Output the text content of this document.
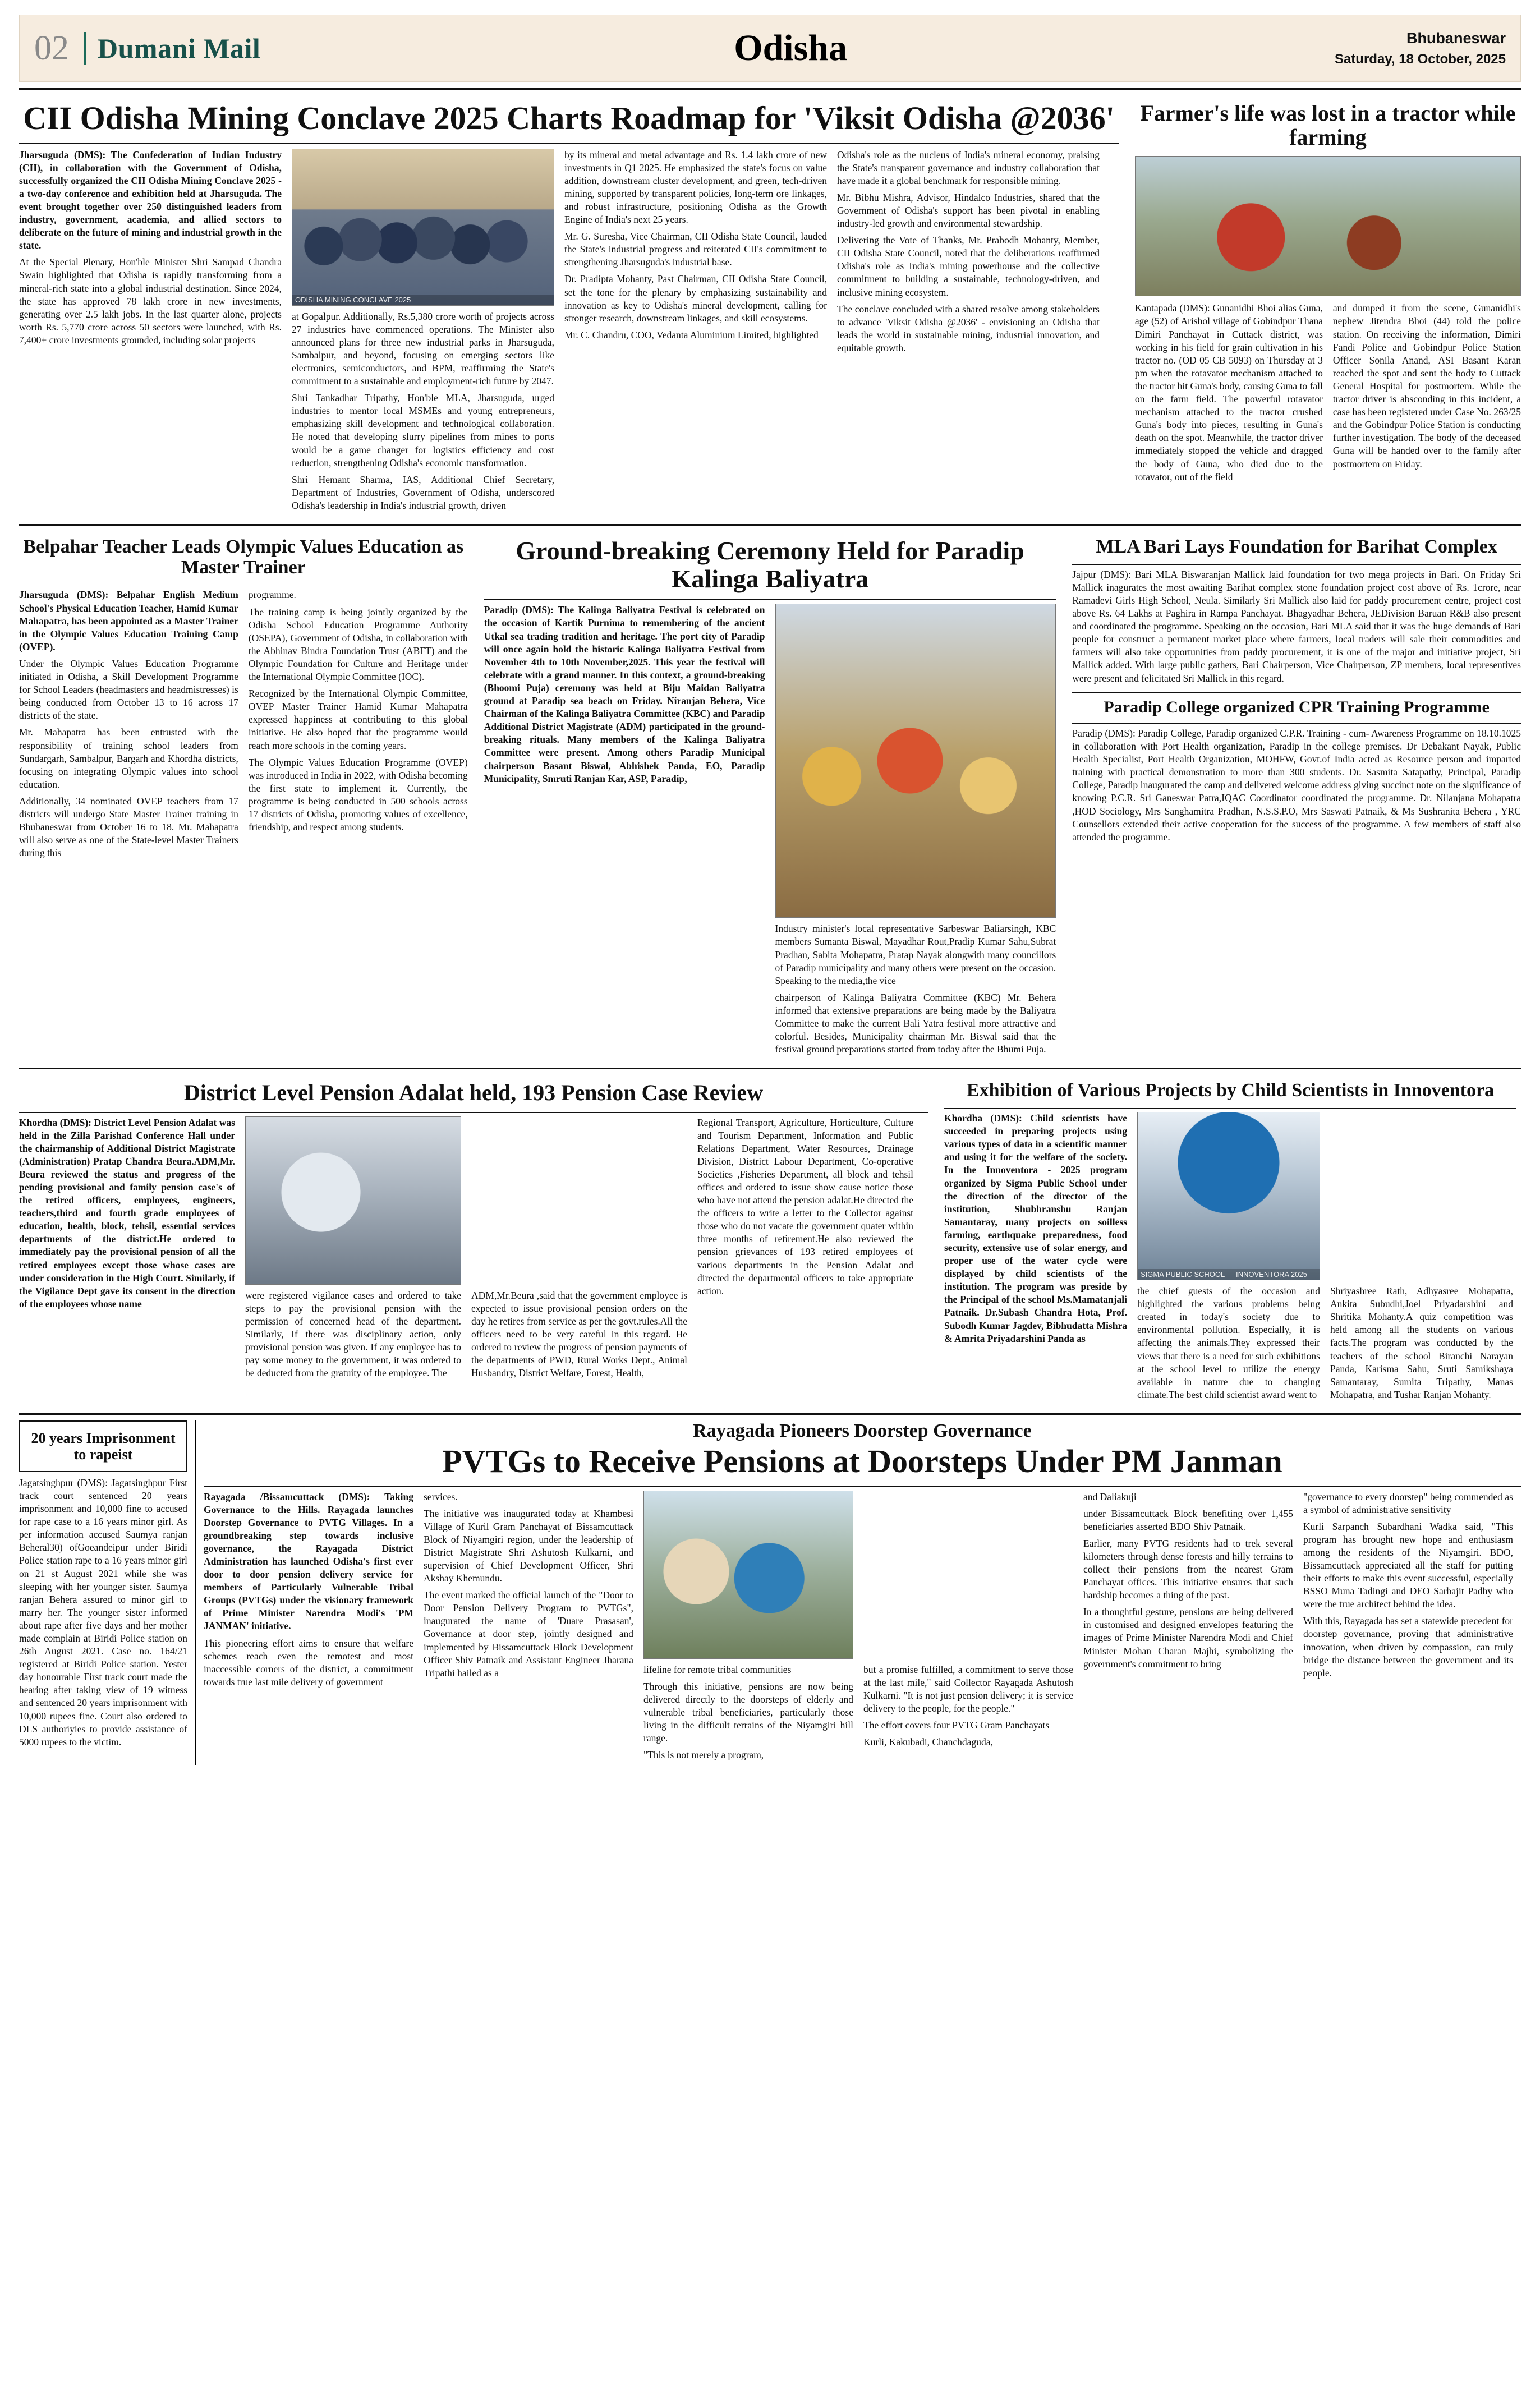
02	Dumani Mail	Odisha	Bhubaneswar
Saturday, 18 October, 2025
CII Odisha Mining Conclave 2025 Charts Roadmap for 'Viksit Odisha @2036'

Jharsuguda (DMS): The Confederation of Indian Industry (CII), in collaboration with the Government of Odisha, successfully organized the CII Odisha Mining Conclave 2025 - a two-day conference and exhibition held at Jharsuguda. The event brought together over 250 distinguished leaders from industry, government, academia, and allied sectors to deliberate on the future of mining and industrial growth in the state.

At the Special Plenary, Hon'ble Minister Shri Sampad Chandra Swain highlighted that Odisha is rapidly transforming from a mineral-rich state into a global industrial destination. Since 2024, the state has approved 78 lakh crore in new investments, generating over 2.5 lakh jobs. In the last quarter alone, projects worth Rs. 5,770 crore across 50 sectors were launched, with Rs. 7,400+ crore investments grounded, including solar projects

ODISHA MINING CONCLAVE 2025

at Gopalpur. Additionally, Rs.5,380 crore worth of projects across 27 industries have commenced operations. The Minister also announced plans for three new industrial parks in Jharsuguda, Sambalpur, and beyond, focusing on emerging sectors like electronics, semiconductors, and BPM, reaffirming the State's commitment to a sustainable and employment-rich future by 2047.

Shri Tankadhar Tripathy, Hon'ble MLA, Jharsuguda, urged industries to mentor local MSMEs and young entrepreneurs, emphasizing skill development and technological collaboration. He noted that developing slurry pipelines from mines to ports would be a game changer for logistics efficiency and cost reduction, strengthening Odisha's economic transformation.

Shri Hemant Sharma, IAS, Additional Chief Secretary, Department of Industries, Government of Odisha, underscored Odisha's leadership in India's industrial growth, driven

by its mineral and metal advantage and Rs. 1.4 lakh crore of new investments in Q1 2025. He emphasized the state's focus on value addition, downstream cluster development, and green, tech-driven mining, supported by transparent policies, long-term ore linkages, and robust infrastructure, positioning Odisha as the Growth Engine of India's next 25 years.

Mr. G. Suresha, Vice Chairman, CII Odisha State Council, lauded the State's industrial progress and reiterated CII's commitment to strengthening Jharsuguda's industrial base.

Dr. Pradipta Mohanty, Past Chairman, CII Odisha State Council, set the tone for the plenary by emphasizing sustainability and innovation as key to Odisha's mineral development, calling for stronger research, downstream linkages, and skill ecosystems.

Mr. C. Chandru, COO, Vedanta Aluminium Limited, highlighted

Odisha's role as the nucleus of India's mineral economy, praising the State's transparent governance and industry collaboration that have made it a global benchmark for responsible mining.

Mr. Bibhu Mishra, Advisor, Hindalco Industries, shared that the Government of Odisha's support has been pivotal in enabling industry-led growth and environmental stewardship.

Delivering the Vote of Thanks, Mr. Prabodh Mohanty, Member, CII Odisha State Council, noted that the deliberations reaffirmed Odisha's role as India's mining powerhouse and the collective commitment to building a sustainable, technology-driven, and inclusive mining ecosystem.

The conclave concluded with a shared resolve among stakeholders to advance 'Viksit Odisha @2036' - envisioning an Odisha that leads the world in sustainable mining, industrial innovation, and equitable growth.

Farmer's life was lost in a tractor while farming

Kantapada (DMS): Gunanidhi Bhoi alias Guna, age (52) of Arishol village of Gobindpur Thana Dimiri Panchayat in Cuttack district, was working in his field for grain cultivation in his tractor no. (OD 05 CB 5093) on Thursday at 3 pm when the rotavator mechanism attached to the tractor hit Guna's body, causing Guna to fall on the farm field. The powerful rotavator mechanism attached to the tractor crushed Guna's body into pieces, resulting in Guna's death on the spot. Meanwhile, the tractor driver immediately stopped the vehicle and dragged the body of Guna, who died due to the rotavator, out of the field

and dumped it from the scene, Gunanidhi's nephew Jitendra Bhoi (44) told the police station. On receiving the information, Dimiri Fandi Police and Gobindpur Police Station Officer Sonila Anand, ASI Basant Karan reached the spot and sent the body to Cuttack General Hospital for postmortem. While the tractor driver is absconding in this incident, a case has been registered under Case No. 263/25 and the Gobindpur Police Station is conducting further investigation. The body of the deceased Guna will be handed over to the family after postmortem on Friday.

Belpahar Teacher Leads Olympic Values Education as Master Trainer

Jharsuguda (DMS): Belpahar English Medium School's Physical Education Teacher, Hamid Kumar Mahapatra, has been appointed as a Master Trainer in the Olympic Values Education Training Camp (OVEP).

Under the Olympic Values Education Programme initiated in Odisha, a Skill Development Programme for School Leaders (headmasters and headmistresses) is being conducted from October 13 to 16 across 17 districts of the state.

Mr. Mahapatra has been entrusted with the responsibility of training school leaders from Sundargarh, Sambalpur, Bargarh and Khordha districts, focusing on integrating Olympic values into school education.

Additionally, 34 nominated OVEP teachers from 17 districts will undergo State Master Trainer training in Bhubaneswar from October 16 to 18. Mr. Mahapatra will also serve as one of the State-level Master Trainers during this

programme.

The training camp is being jointly organized by the Odisha School Education Programme Authority (OSEPA), Government of Odisha, in collaboration with the Abhinav Bindra Foundation Trust (ABFT) and the Olympic Foundation for Culture and Heritage under the International Olympic Committee (IOC).

Recognized by the International Olympic Committee, OVEP Master Trainer Hamid Kumar Mahapatra expressed happiness at contributing to this global initiative. He also hoped that the programme would reach more schools in the coming years.

The Olympic Values Education Programme (OVEP) was introduced in India in 2022, with Odisha becoming the first state to implement it. Currently, the programme is being conducted in 500 schools across 17 districts of Odisha, promoting values of excellence, friendship, and respect among students.

Ground-breaking Ceremony Held for Paradip Kalinga Baliyatra

Paradip (DMS): The Kalinga Baliyatra Festival is celebrated on the occasion of Kartik Purnima to remembering of the ancient Utkal sea trading tradition and heritage. The port city of Paradip will once again hold the historic Kalinga Baliyatra Festival from November 4th to 10th November,2025. This year the festival will celebrate with a grand manner. In this context, a ground-breaking (Bhoomi Puja) ceremony was held at Biju Maidan Baliyatra ground at Paradip sea beach on Friday. Niranjan Behera, Vice Chairman of the Kalinga Baliyatra Committee (KBC) and Paradip Additional District Magistrate (ADM) participated in the ground-breaking rituals. Many members of the Kalinga Baliyatra Committee were present. Among others Paradip Municipal chairperson Basant Biswal, Abhishek Panda, EO, Paradip Municipality, Smruti Ranjan Kar, ASP, Paradip,

Industry minister's local representative Sarbeswar Baliarsingh, KBC members Sumanta Biswal, Mayadhar Rout,Pradip Kumar Sahu,Subrat Pradhan, Sabita Mohapatra, Pratap Nayak alongwith many councillors of Paradip municipality and many others were present on the occasion. Speaking to the media,the vice

chairperson of Kalinga Baliyatra Committee (KBC) Mr. Behera informed that extensive preparations are being made by the Baliyatra Committee to make the current Bali Yatra festival more attractive and colorful. Besides, Municipality chairman Mr. Biswal said that the festival ground preparations started from today after the Bhumi Puja.

MLA Bari Lays Foundation for Barihat Complex

Jajpur (DMS): Bari MLA Biswaranjan Mallick laid foundation for two mega projects in Bari. On Friday Sri Mallick inagurates the most awaiting Barihat complex stone foundation project cost above of Rs. 1crore, near Ramadevi Girls High School, Neula. Similarly Sri Mallick also laid for paddy procurement centre, project cost above Rs. 64 Lakhs at Paghira in Rampa Panchayat. Bhagyadhar Behera, JEDivision Baruan R&B also present and coordinated the programme. Speaking on the occasion, Bari MLA said that it was the huge demands of Bari people for construct a permanent market place where farmers, local traders will sale their commodities and farmers will also take opportunities from paddy procurement, it is one of the major and initiative project, Sri Mallick added. With large public gathers, Bari Chairperson, Vice Chairperson, ZP members, local representives were present and felicitated Sri Mallick in this regard.

Paradip College organized CPR Training Programme

Paradip (DMS): Paradip College, Paradip organized C.P.R. Training - cum- Awareness Programme on 18.10.1025 in collaboration with Port Health organization, Paradip in the college premises. Dr Debakant Nayak, Public Health Specialist, Port Health Organization, MOHFW, Govt.of India acted as Resource person and imparted training with practical demonstration to more than 300 students. Dr. Sasmita Satapathy, Principal, Paradip College, Paradip inaugurated the camp and delivered welcome address giving succinct note on the significance of knowing P.C.R. Sri Ganeswar Patra,IQAC Coordinator coordinated the programme. Dr. Nilanjana Mohapatra ,HOD Sociology, Mrs Sanghamitra Pradhan, N.S.S.P.O, Mrs Saswati Patnaik, & Ms Sushranita Behera , YRC Counsellors extended their active cooperation for the success of the programme. A few members of staff also attended the programme.

District Level Pension Adalat held, 193 Pension Case Review

Khordha (DMS): District Level Pension Adalat was held in the Zilla Parishad Conference Hall under the chairmanship of Additional District Magistrate (Administration) Pratap Chandra Beura.ADM,Mr. Beura reviewed the status and progress of the pending provisional and family pension case's of the retired officers, employees, engineers, teachers,third and fourth grade employees of education, health, block, tehsil, essential services departments of the district.He ordered to immediately pay the provisional pension of all the retired employees except those whose cases are under consideration in the High Court. Similarly, if the Vigilance Dept gave its consent in the direction of the employees whose name

were registered vigilance cases and ordered to take steps to pay the provisional pension with the permission of concerned head of the department. Similarly, If there was disciplinary action, only provisional pension was given. If any employee has to pay some money to the government, it was ordered to be deducted from the gratuity of the employee. The

ADM,Mr.Beura ,said that the government employee is expected to issue provisional pension orders on the day he retires from service as per the govt.rules.All the officers need to be very careful in this regard. He ordered to review the progress of pension payments of the departments of PWD, Rural Works Dept., Animal Husbandry, District Welfare, Forest, Health,

Regional Transport, Agriculture, Horticulture, Culture and Tourism Department, Information and Public Relations Department, Water Resources, Drainage Division, District Labour Department, Co-operative Societies ,Fisheries Department, all block and tehsil offices and ordered to issue show cause notice those who have not attend the pension adalat.He directed the the officers to write a letter to the Collector against those who do not vacate the government quater within three months of retirement.He also reviewed the pension grievances of 193 retired employees of various departments in the Pension Adalat and directed the departmental officers to take appropriate action.

Exhibition of Various Projects by Child Scientists in Innoventora

Khordha (DMS): Child scientists have succeeded in preparing projects using various types of data in a scientific manner and using it for the welfare of the society. In the Innoventora - 2025 program organized by Sigma Public School under the direction of the director of the institution, Shubhranshu Ranjan Samantaray, many projects on soilless farming, earthquake preparedness, food security, extensive use of solar energy, and proper use of the water cycle were displayed by child scientists of the institution. The program was preside by the Principal of the school Ms.Mamatanjali Patnaik. Dr.Subash Chandra Hota, Prof. Subodh Kumar Jagdev, Bibhudatta Mishra & Amrita Priyadarshini Panda as

SIGMA PUBLIC SCHOOL — INNOVENTORA 2025

the chief guests of the occasion and highlighted the various problems being created in today's society due to environmental pollution. Especially, it is affecting the animals.They expressed their views that there is a need for such exhibitions at the school level to utilize the energy available in nature due to changing climate.The best child scientist award went to

Shriyashree Rath, Adhyasree Mohapatra, Ankita Subudhi,Joel Priyadarshini and Shritika Mohanty.A quiz competition was held among all the students on various facts.The program was conducted by the teachers of the school Biranchi Narayan Panda, Karisma Sahu, Sruti Samikshaya Samantaray, Sumita Tripathy, Manas Mohapatra, and Tushar Ranjan Mohanty.

20 years Imprisonment to rapeist

Jagatsinghpur (DMS): Jagatsinghpur First track court sentenced 20 years imprisonment and 10,000 fine to accused for rape case to a 16 years minor girl. As per information accused Saumya ranjan Beheral30) ofGoeandeipur under Biridi Police station rape to a 16 years minor girl on 21 st August 2021 while she was sleeping with her younger sister. Saumya ranjan Behera assured to minor girl to marry her. The younger sister informed about rape after five days and her mother made complain at Biridi Police station on 26th August 2021. Case no. 164/21 registered at Biridi Police station. Yester day honourable First track court made the hearing after taking view of 19 witness and sentenced 20 years imprisonment with 10,000 rupees fine. Court also ordered to DLS authoriyies to provide assistance of 5000 rupees to the victim.

Rayagada Pioneers Doorstep Governance
PVTGs to Receive Pensions at Doorsteps Under PM Janman

Rayagada /Bissamcuttack (DMS): Taking Governance to the Hills. Rayagada launches Doorstep Governance to PVTG Villages. In a groundbreaking step towards inclusive governance, the Rayagada District Administration has launched Odisha's first ever door to door pension delivery service for members of Particularly Vulnerable Tribal Groups (PVTGs) under the visionary framework of Prime Minister Narendra Modi's 'PM JANMAN' initiative.

This pioneering effort aims to ensure that welfare schemes reach even the remotest and most inaccessible corners of the district, a commitment towards true last mile delivery of government

services.

The initiative was inaugurated today at Khambesi Village of Kuril Gram Panchayat of Bissamcuttack Block of Niyamgiri region, under the leadership of District Magistrate Shri Ashutosh Kulkarni, and supervision of Chief Development Officer, Shri Akshay Khemundu.

The event marked the official launch of the "Door to Door Pension Delivery Program to PVTGs", inaugurated the name of 'Duare Prasasan', Governance at door step, jointly designed and implemented by Bissamcuttack Block Development Officer Shiv Patnaik and Assistant Engineer Jharana Tripathi hailed as a	lifeline for remote tribal communities

Through this initiative, pensions are now being delivered directly to the doorsteps of elderly and vulnerable tribal beneficiaries, particularly those living in the difficult terrains of the Niyamgiri hill range.

"This is not merely a program,

but a promise fulfilled, a commitment to serve those at the last mile," said Collector Rayagada Ashutosh Kulkarni. "It is not just pension delivery; it is service delivery to the people, for the people."

The effort covers four PVTG Gram Panchayats

Kurli, Kakubadi, Chanchdaguda,

and Daliakuji

under Bissamcuttack Block benefiting over 1,455 beneficiaries asserted BDO Shiv Patnaik.

Earlier, many PVTG residents had to trek several kilometers through dense forests and hilly terrains to collect their pensions from the nearest Gram Panchayat offices. This initiative ensures that such hardship becomes a thing of the past.

In a thoughtful gesture, pensions are being delivered in customised and designed envelopes featuring the images of Prime Minister Narendra Modi and Chief Minister Mohan Charan Majhi, symbolizing the government's commitment to bring

"governance to every doorstep" being commended as a symbol of administrative sensitivity

Kurli Sarpanch Subardhani Wadka said, "This program has brought new hope and enthusiasm among the residents of the Niyamgiri. BDO, Bissamcuttack appreciated all the staff for putting their efforts to make this event successful, especially BSSO Muna Tadingi and DEO Sarbajit Padhy who were the true architect behind the idea.

With this, Rayagada has set a statewide precedent for doorstep governance, proving that administrative innovation, when driven by compassion, can truly bridge the distance between the government and its people.
